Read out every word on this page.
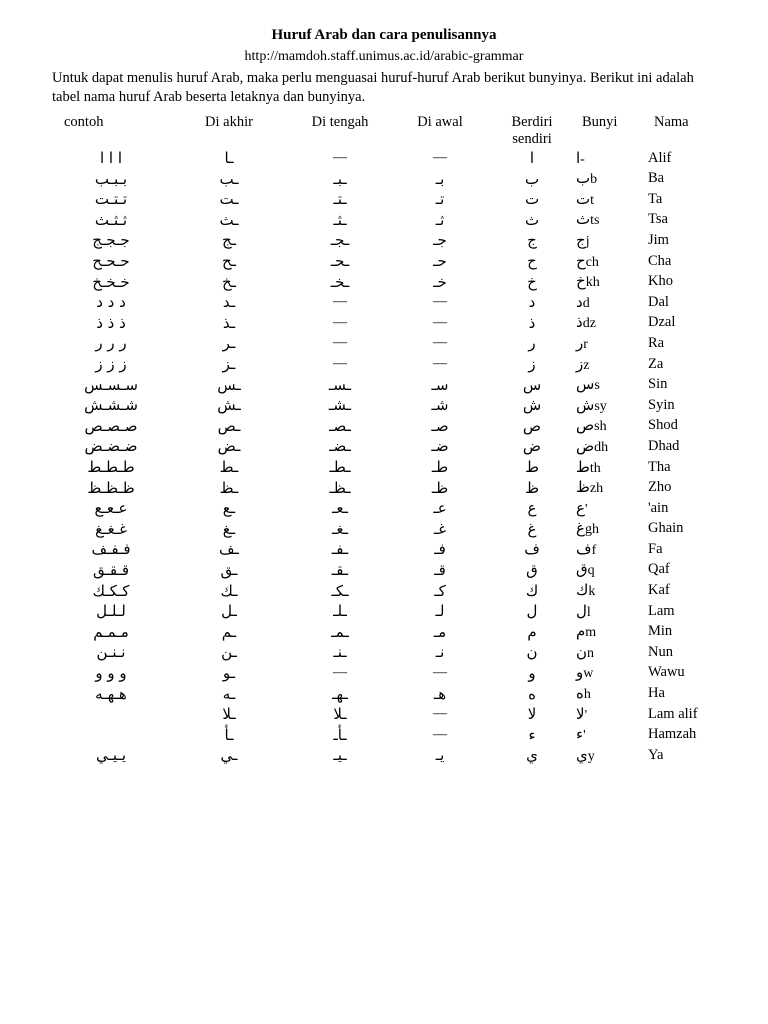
Huruf Arab dan cara penulisannya
http://mamdoh.staff.unimus.ac.id/arabic-grammar
Untuk dapat menulis huruf Arab, maka perlu menguasai huruf-huruf Arab berikut bunyinya. Berikut ini adalah tabel nama huruf Arab beserta letaknya dan bunyinya.
contoh	Di akhir	Di tengah	Di awal	Berdiri	Bunyi	Nama
				sendiri		
ا ا ا	ـا	—	—	ا	ا-	Alif
بـبـب	ـب	ـبـ	بـ	ب	بb	Ba
تـتـت	ـت	ـتـ	تـ	ت	تt	Ta
ثـثـث	ـث	ـثـ	ثـ	ث	ثts	Tsa
جـجـج	ـج	ـجـ	جـ	ج	جj	Jim
حـحـح	ـح	ـحـ	حـ	ح	حch	Cha
خـخـخ	ـخ	ـخـ	خـ	خ	خkh	Kho
د د د	ـد	—	—	د	دd	Dal
ذ ذ ذ	ـذ	—	—	ذ	ذdz	Dzal
ر ر ر	ـر	—	—	ر	رr	Ra
ز ز ز	ـز	—	—	ز	زz	Za
سـسـس	ـس	ـسـ	سـ	س	سs	Sin
شـشـش	ـش	ـشـ	شـ	ش	شsy	Syin
صـصـص	ـص	ـصـ	صـ	ص	صsh	Shod
ضـضـض	ـض	ـضـ	ضـ	ض	ضdh	Dhad
طـطـط	ـط	ـطـ	طـ	ط	طth	Tha
ظـظـظ	ـظ	ـظـ	ظـ	ظ	ظzh	Zho
عـعـع	ـع	ـعـ	عـ	ع	ع'	'ain
غـغـغ	ـغ	ـغـ	غـ	غ	غgh	Ghain
فـفـف	ـف	ـفـ	فـ	ف	فf	Fa
قـقـق	ـق	ـقـ	قـ	ق	قq	Qaf
كـكـك	ـك	ـكـ	كـ	ك	كk	Kaf
لـلـل	ـل	ـلـ	لـ	ل	لl	Lam
مـمـم	ـم	ـمـ	مـ	م	مm	Min
نـنـن	ـن	ـنـ	نـ	ن	نn	Nun
و و و	ـو	—	—	و	وw	Wawu
هـهـه	ـه	ـهـ	هـ	ه	هh	Ha
	ـلا	ـلا	—	لا	لا'	Lam alif
	ـأ	ـأـ	—	ء	ء'	Hamzah
يـيـي	ـي	ـيـ	يـ	ي	يy	Ya
